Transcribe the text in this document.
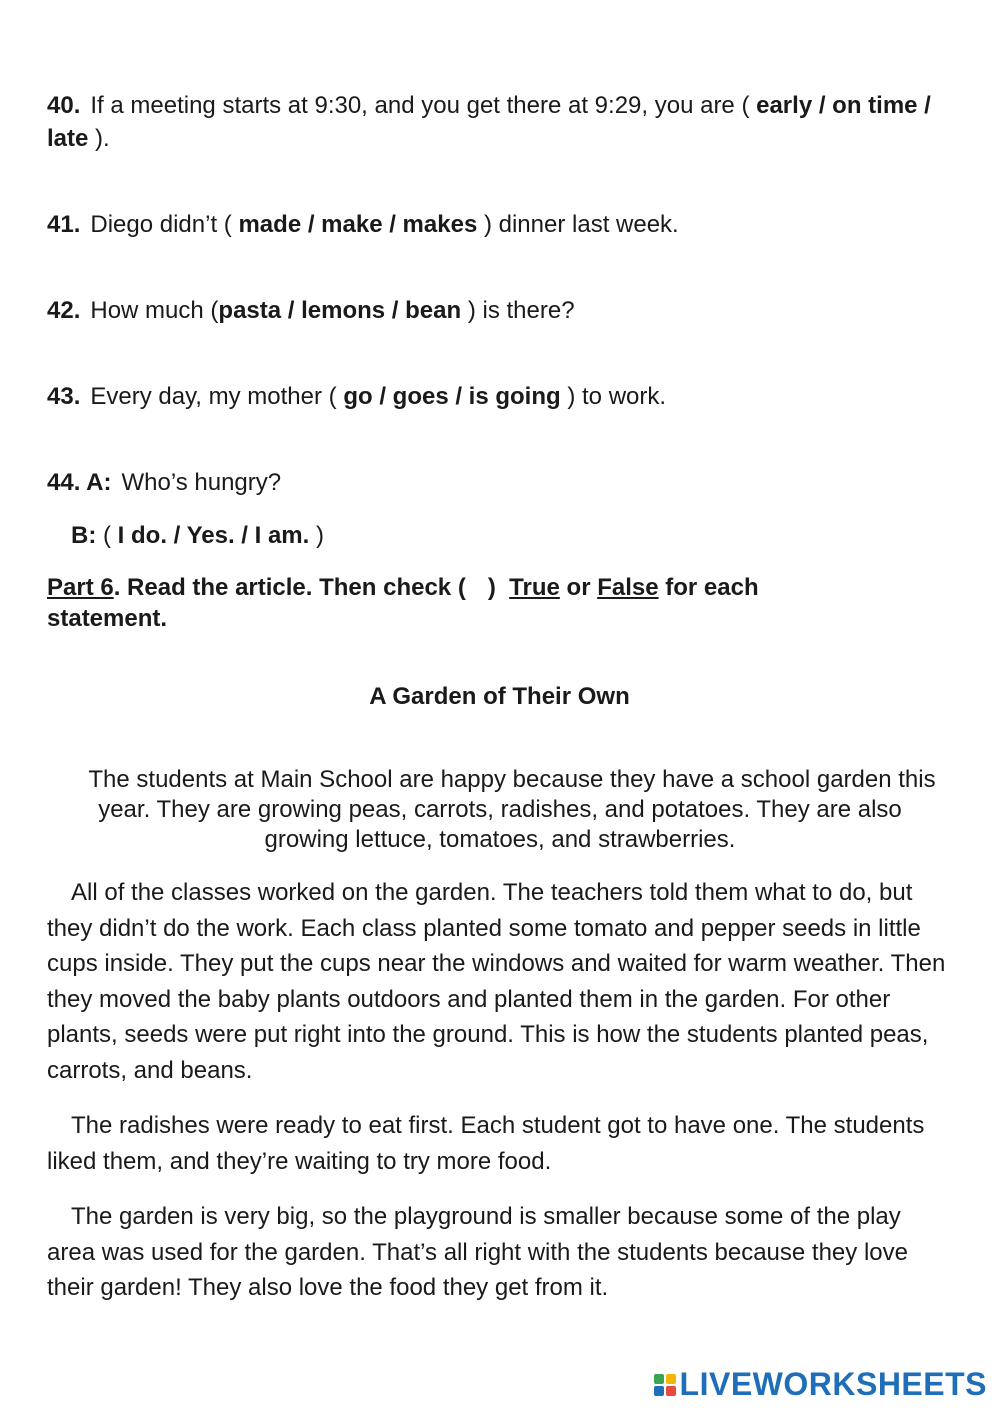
40. If a meeting starts at 9:30, and you get there at 9:29, you are ( early / on time / late ).
41. Diego didn’t ( made / make / makes ) dinner last week.
42. How much (pasta / lemons / bean ) is there?
43. Every day, my mother ( go / goes / is going ) to work.
44. A: Who’s hungry?
B: ( I do. / Yes. / I am. )
Part 6. Read the article. Then check ( ) True or False for each statement.
A Garden of Their Own
The students at Main School are happy because they have a school garden this year. They are growing peas, carrots, radishes, and potatoes. They are also growing lettuce, tomatoes, and strawberries.
All of the classes worked on the garden. The teachers told them what to do, but they didn’t do the work. Each class planted some tomato and pepper seeds in little cups inside. They put the cups near the windows and waited for warm weather. Then they moved the baby plants outdoors and planted them in the garden. For other plants, seeds were put right into the ground. This is how the students planted peas, carrots, and beans.
The radishes were ready to eat first. Each student got to have one. The students liked them, and they’re waiting to try more food.
The garden is very big, so the playground is smaller because some of the play area was used for the garden. That’s all right with the students because they love their garden! They also love the food they get from it.
LIVEWORKSHEETS
